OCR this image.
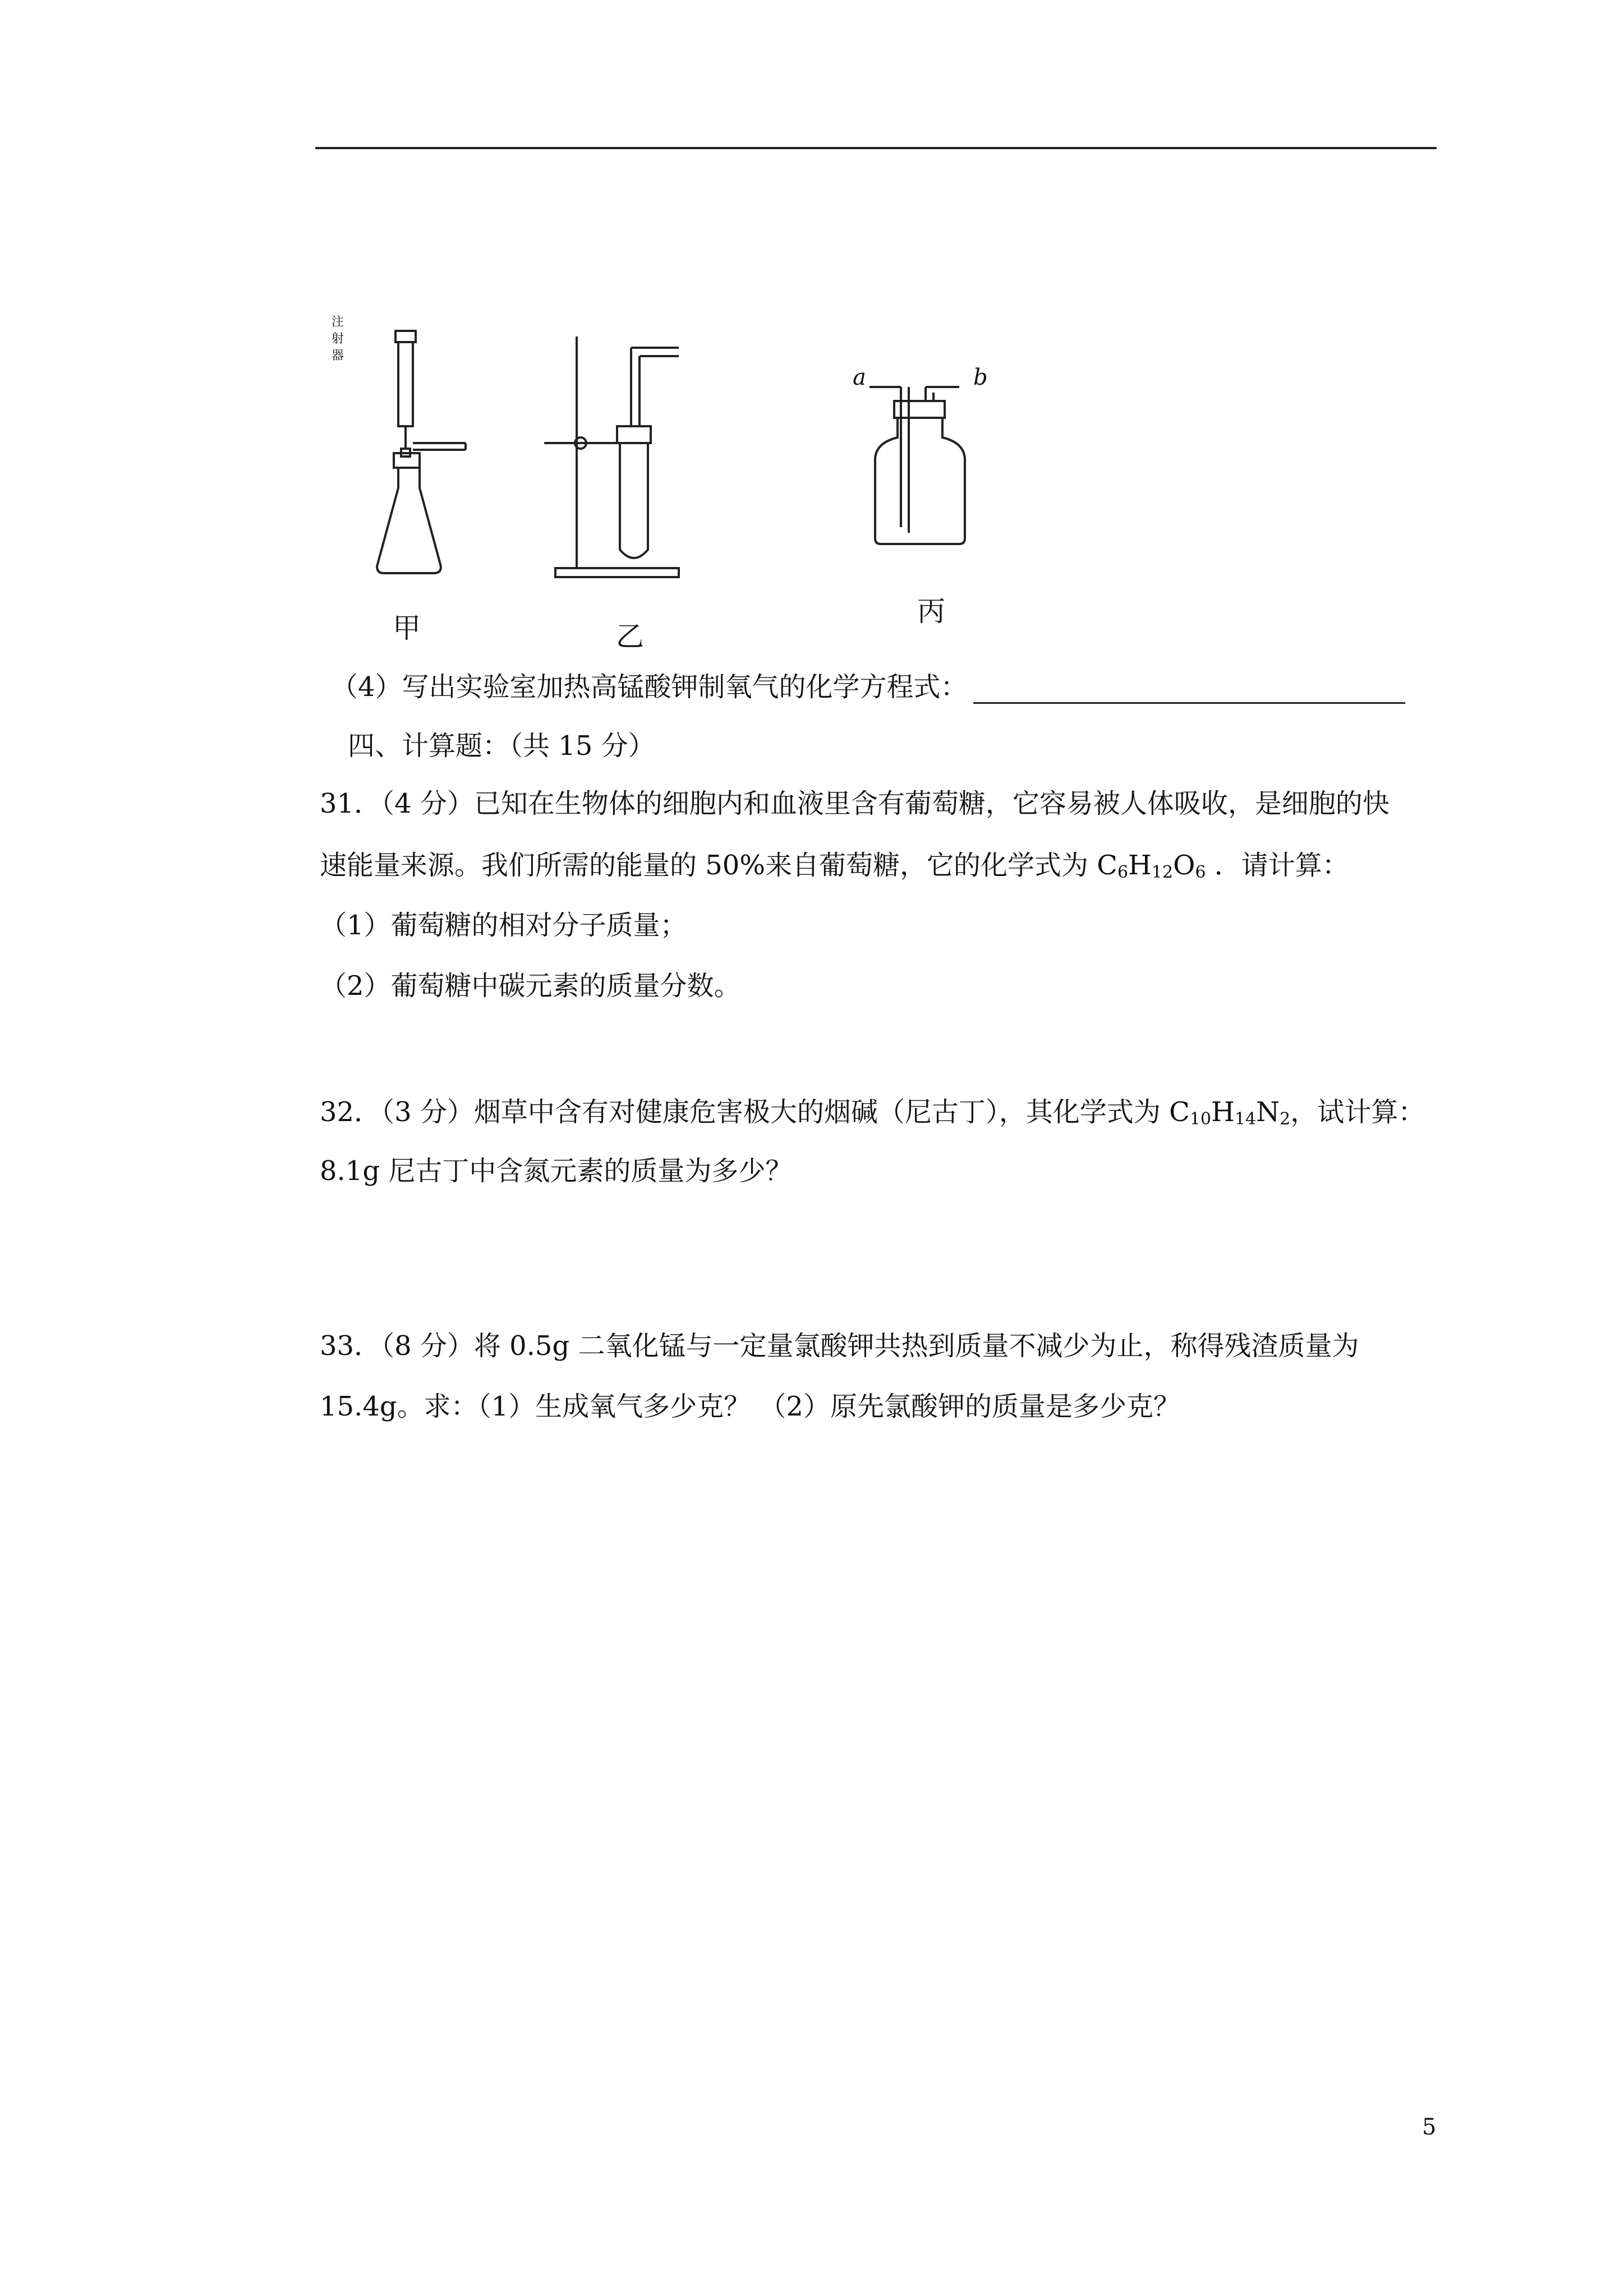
注射器
a	b
甲	乙
丙
（4）写出实验室加热高锰酸钾制氧气的化学方程式：
四、计算题：（共 15 分）
31．（4 分）已知在生物体的细胞内和血液里含有葡萄糖，它容易被人体吸收，是细胞的快
速能量来源。我们所需的能量的 50%来自葡萄糖，它的化学式为 $C_6H_{12}O_6$ ．请计算：
（1）葡萄糖的相对分子质量；
（2）葡萄糖中碳元素的质量分数。
32．（3 分）烟草中含有对健康危害极大的烟碱（尼古丁），其化学式为 $C_{10}H_{14}N_2$，试计算：
8.1g 尼古丁中含氮元素的质量为多少？
33．（8 分）将 0.5g 二氧化锰与一定量氯酸钾共热到质量不减少为止，称得残渣质量为
15.4g。求：（1）生成氧气多少克？ （2）原先氯酸钾的质量是多少克？
5
